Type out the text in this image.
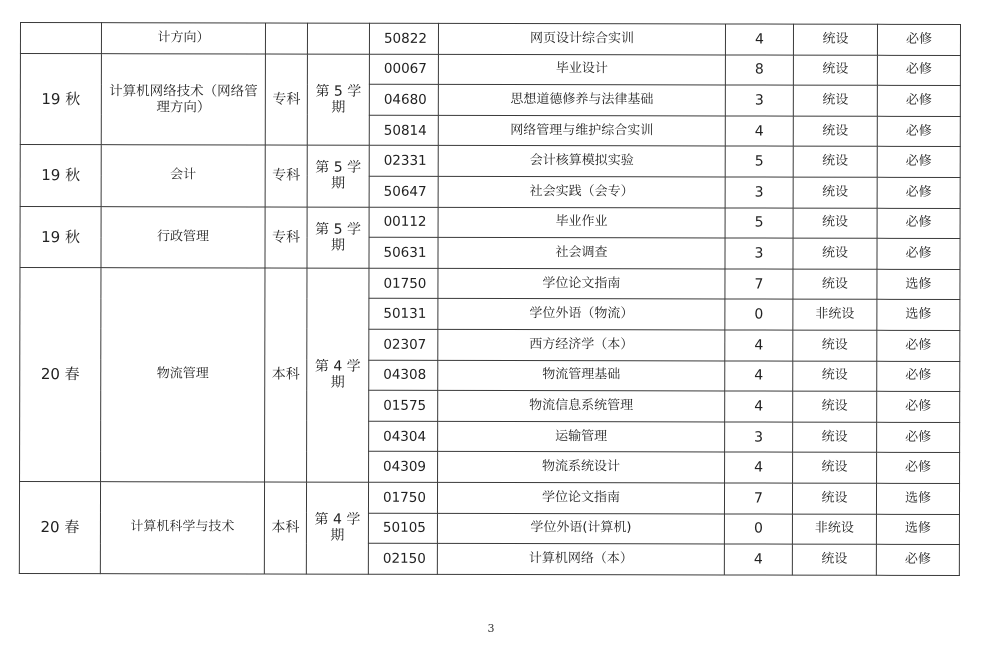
	计方向）			50822	网页设计综合实训	4	统设	必修
19 秋	计算机网络技术（网络管理方向）	专科	第 5 学期	00067	毕业设计	8	统设	必修
				04680	思想道德修养与法律基础	3	统设	必修
				50814	网络管理与维护综合实训	4	统设	必修
19 秋	会计	专科	第 5 学期	02331	会计核算模拟实验	5	统设	必修
				50647	社会实践（会专）	3	统设	必修
19 秋	行政管理	专科	第 5 学期	00112	毕业作业	5	统设	必修
				50631	社会调查	3	统设	必修
20 春	物流管理	本科	第 4 学期	01750	学位论文指南	7	统设	选修
				50131	学位外语（物流）	0	非统设	选修
				02307	西方经济学（本）	4	统设	必修
				04308	物流管理基础	4	统设	必修
				01575	物流信息系统管理	4	统设	必修
				04304	运输管理	3	统设	必修
				04309	物流系统设计	4	统设	必修
20 春	计算机科学与技术	本科	第 4 学期	01750	学位论文指南	7	统设	选修
				50105	学位外语(计算机)	0	非统设	选修
				02150	计算机网络（本）	4	统设	必修
3
